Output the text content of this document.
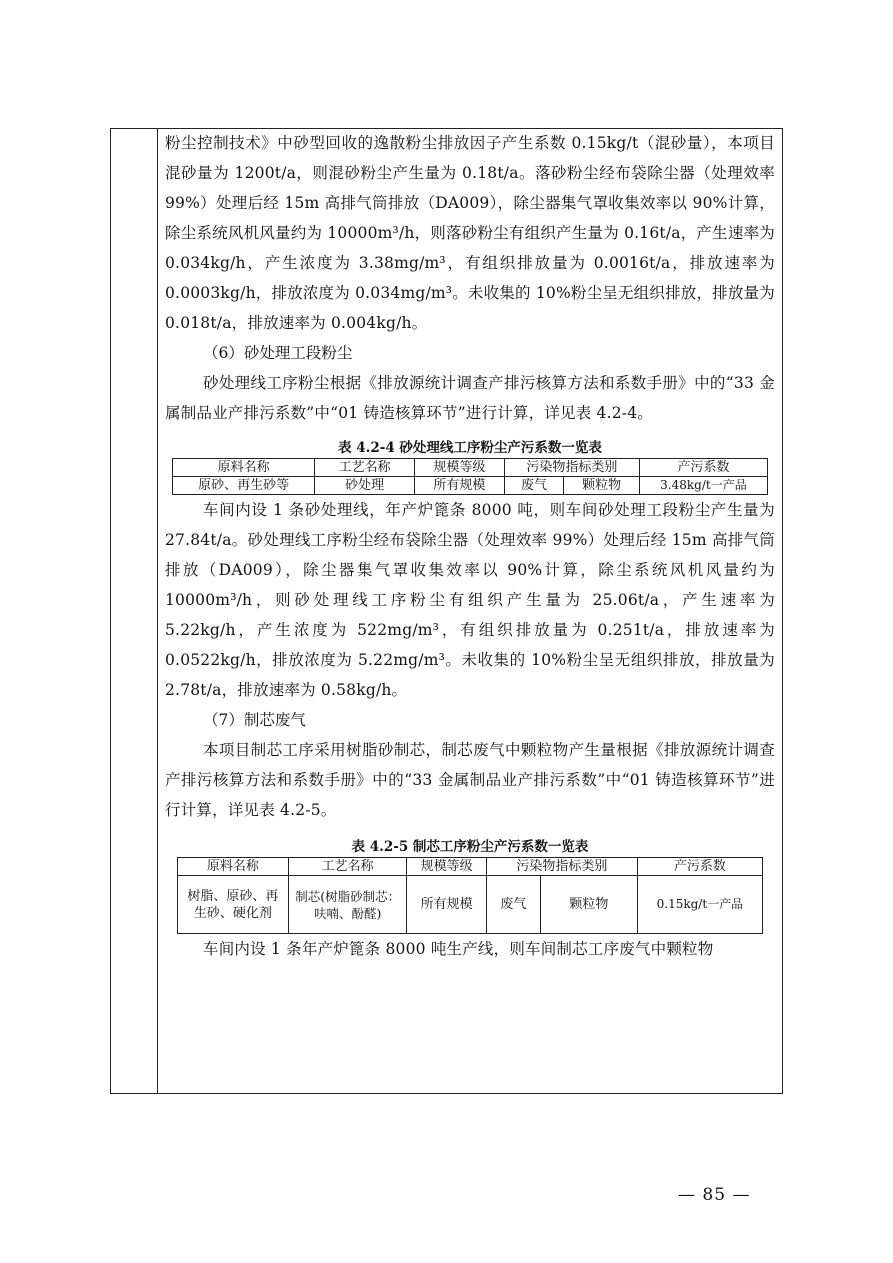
粉尘控制技术》中砂型回收的逸散粉尘排放因子产生系数 0.15kg/t（混砂量），本项目混砂量为 1200t/a，则混砂粉尘产生量为 0.18t/a。落砂粉尘经布袋除尘器（处理效率 99%）处理后经 15m 高排气筒排放（DA009），除尘器集气罩收集效率以 90%计算，除尘系统风机风量约为 10000m³/h，则落砂粉尘有组织产生量为 0.16t/a，产生速率为 0.034kg/h，产生浓度为 3.38mg/m³，有组织排放量为 0.0016t/a，排放速率为 0.0003kg/h，排放浓度为 0.034mg/m³。未收集的 10%粉尘呈无组织排放，排放量为 0.018t/a，排放速率为 0.004kg/h。

（6）砂处理工段粉尘

砂处理线工序粉尘根据《排放源统计调查产排污核算方法和系数手册》中的“33 金属制品业产排污系数”中“01 铸造核算环节”进行计算，详见表 4.2-4。

表 4.2-4 砂处理线工序粉尘产污系数一览表

原料名称	工艺名称	规模等级	污染物指标类别		产污系数
原砂、再生砂等	砂处理	所有规模	废气	颗粒物	3.48kg/t一产品

车间内设 1 条砂处理线，年产炉篦条 8000 吨，则车间砂处理工段粉尘产生量为 27.84t/a。砂处理线工序粉尘经布袋除尘器（处理效率 99%）处理后经 15m 高排气筒排放（DA009），除尘器集气罩收集效率以 90%计算，除尘系统风机风量约为 10000m³/h，则砂处理线工序粉尘有组织产生量为 25.06t/a，产生速率为 5.22kg/h，产生浓度为 522mg/m³，有组织排放量为 0.251t/a，排放速率为 0.0522kg/h，排放浓度为 5.22mg/m³。未收集的 10%粉尘呈无组织排放，排放量为 2.78t/a，排放速率为 0.58kg/h。

（7）制芯废气

本项目制芯工序采用树脂砂制芯，制芯废气中颗粒物产生量根据《排放源统计调查产排污核算方法和系数手册》中的“33 金属制品业产排污系数”中“01 铸造核算环节”进行计算，详见表 4.2-5。

表 4.2-5 制芯工序粉尘产污系数一览表

原料名称	工艺名称	规模等级	污染物指标类别		产污系数
树脂、原砂、再生砂、硬化剂	制芯(树脂砂制芯：呋喃、酚醛)	所有规模	废气	颗粒物	0.15kg/t一产品

车间内设 1 条年产炉篦条 8000 吨生产线，则车间制芯工序废气中颗粒物

— 85 —
